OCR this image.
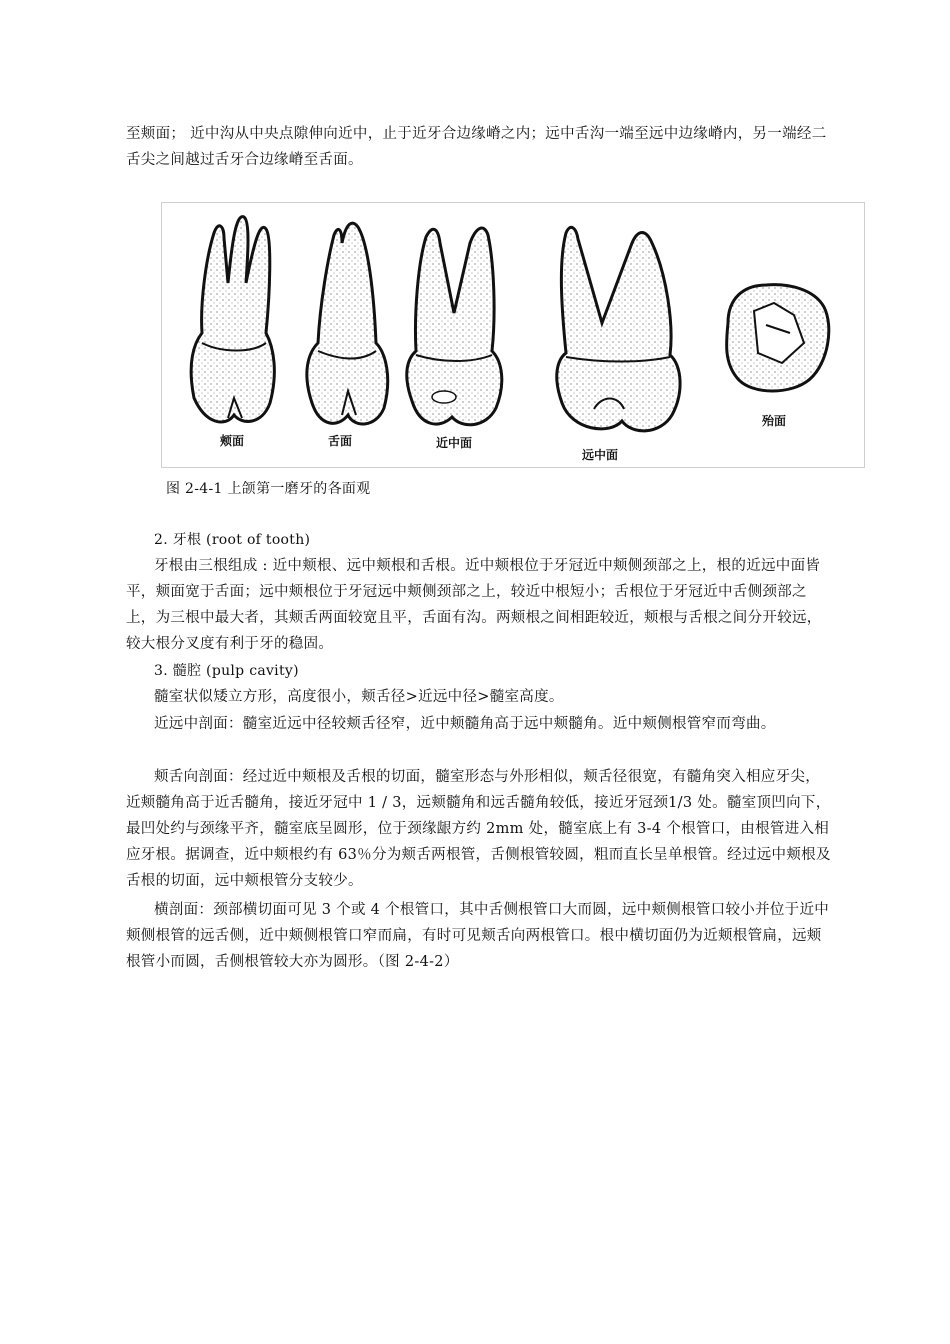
至颊面； 近中沟从中央点隙伸向近中，止于近牙合边缘嵴之内；远中舌沟一端至远中边缘嵴内，另一端经二舌尖之间越过舌牙合边缘嵴至舌面。

颊面	舌面	近中面
远中面
殆面
图 2-4-1 上颌第一磨牙的各面观

2. 牙根 (root of tooth)

牙根由三根组成 : 近中颊根、远中颊根和舌根。近中颊根位于牙冠近中颊侧颈部之上，根的近远中面皆平，颊面宽于舌面；远中颊根位于牙冠远中颊侧颈部之上，较近中根短小；舌根位于牙冠近中舌侧颈部之上，为三根中最大者，其颊舌两面较宽且平，舌面有沟。两颊根之间相距较近，颊根与舌根之间分开较远，较大根分叉度有利于牙的稳固。

3. 髓腔 (pulp cavity)

髓室状似矮立方形，高度很小，颊舌径>近远中径>髓室高度。

近远中剖面：髓室近远中径较颊舌径窄，近中颊髓角高于远中颊髓角。近中颊侧根管窄而弯曲。

颊舌向剖面：经过近中颊根及舌根的切面，髓室形态与外形相似，颊舌径很宽，有髓角突入相应牙尖，近颊髓角高于近舌髓角，接近牙冠中 1 / 3，远颊髓角和远舌髓角较低，接近牙冠颈1/3 处。髓室顶凹向下，最凹处约与颈缘平齐，髓室底呈圆形，位于颈缘龈方约 2mm 处，髓室底上有 3-4 个根管口，由根管进入相应牙根。据调查，近中颊根约有 63％分为颊舌两根管，舌侧根管较圆，粗而直长呈单根管。经过远中颊根及舌根的切面，远中颊根管分支较少。

横剖面：颈部横切面可见 3 个或 4 个根管口，其中舌侧根管口大而圆，远中颊侧根管口较小并位于近中颊侧根管的远舌侧，近中颊侧根管口窄而扁，有时可见颊舌向两根管口。根中横切面仍为近颊根管扁，远颊根管小而圆，舌侧根管较大亦为圆形。（图 2-4-2）
